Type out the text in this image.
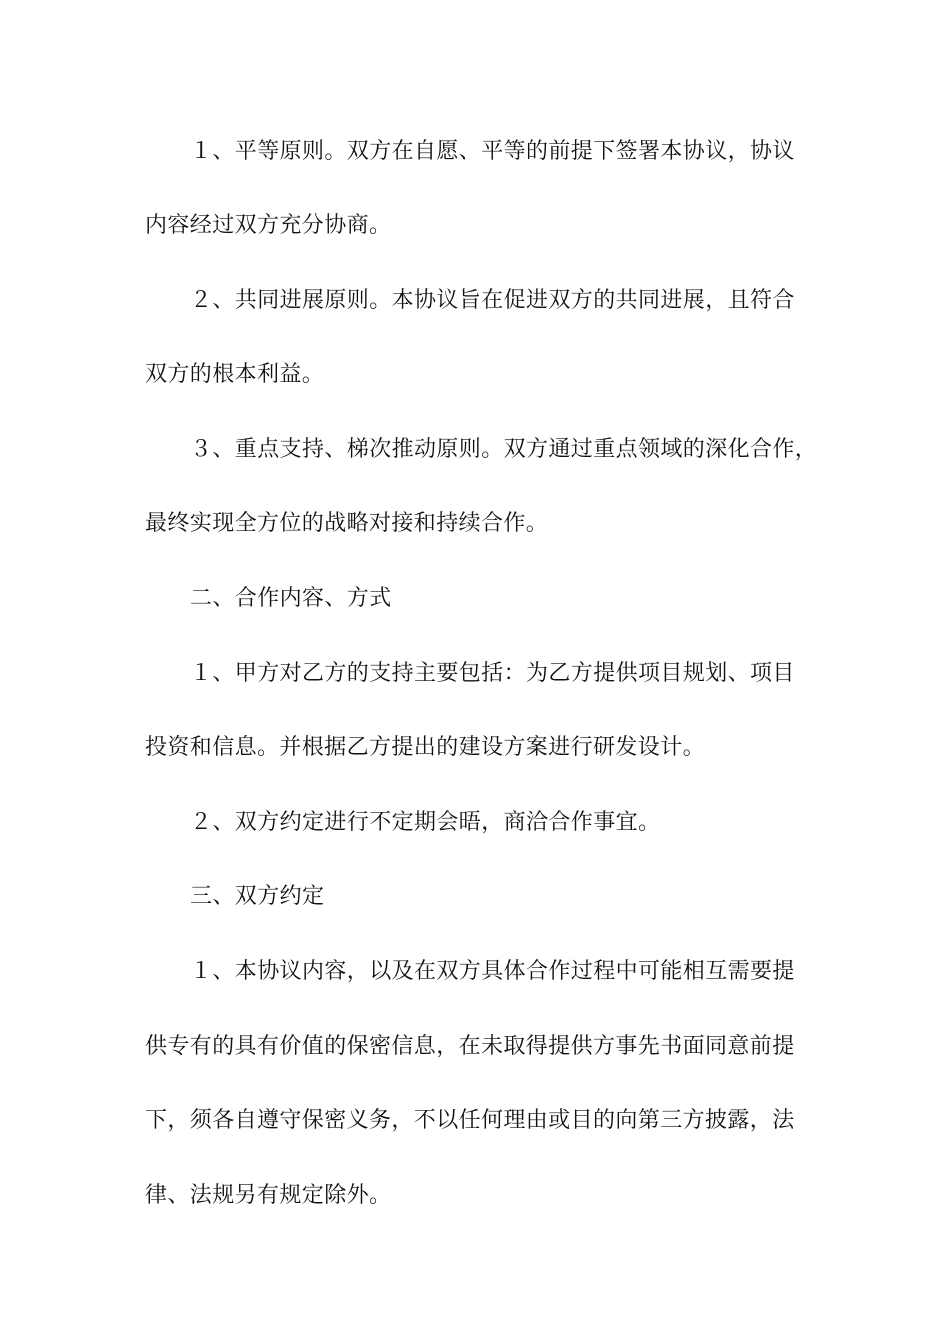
１、平等原则。双方在自愿、平等的前提下签署本协议，协议
内容经过双方充分协商。
２、共同进展原则。本协议旨在促进双方的共同进展，且符合
双方的根本利益。
３、重点支持、梯次推动原则。双方通过重点领域的深化合作，
最终实现全方位的战略对接和持续合作。
二、合作内容、方式
１、甲方对乙方的支持主要包括：为乙方提供项目规划、项目
投资和信息。并根据乙方提出的建设方案进行研发设计。
２、双方约定进行不定期会晤，商洽合作事宜。
三、双方约定
１、本协议内容，以及在双方具体合作过程中可能相互需要提
供专有的具有价值的保密信息，在未取得提供方事先书面同意前提
下，须各自遵守保密义务，不以任何理由或目的向第三方披露，法
律、法规另有规定除外。
